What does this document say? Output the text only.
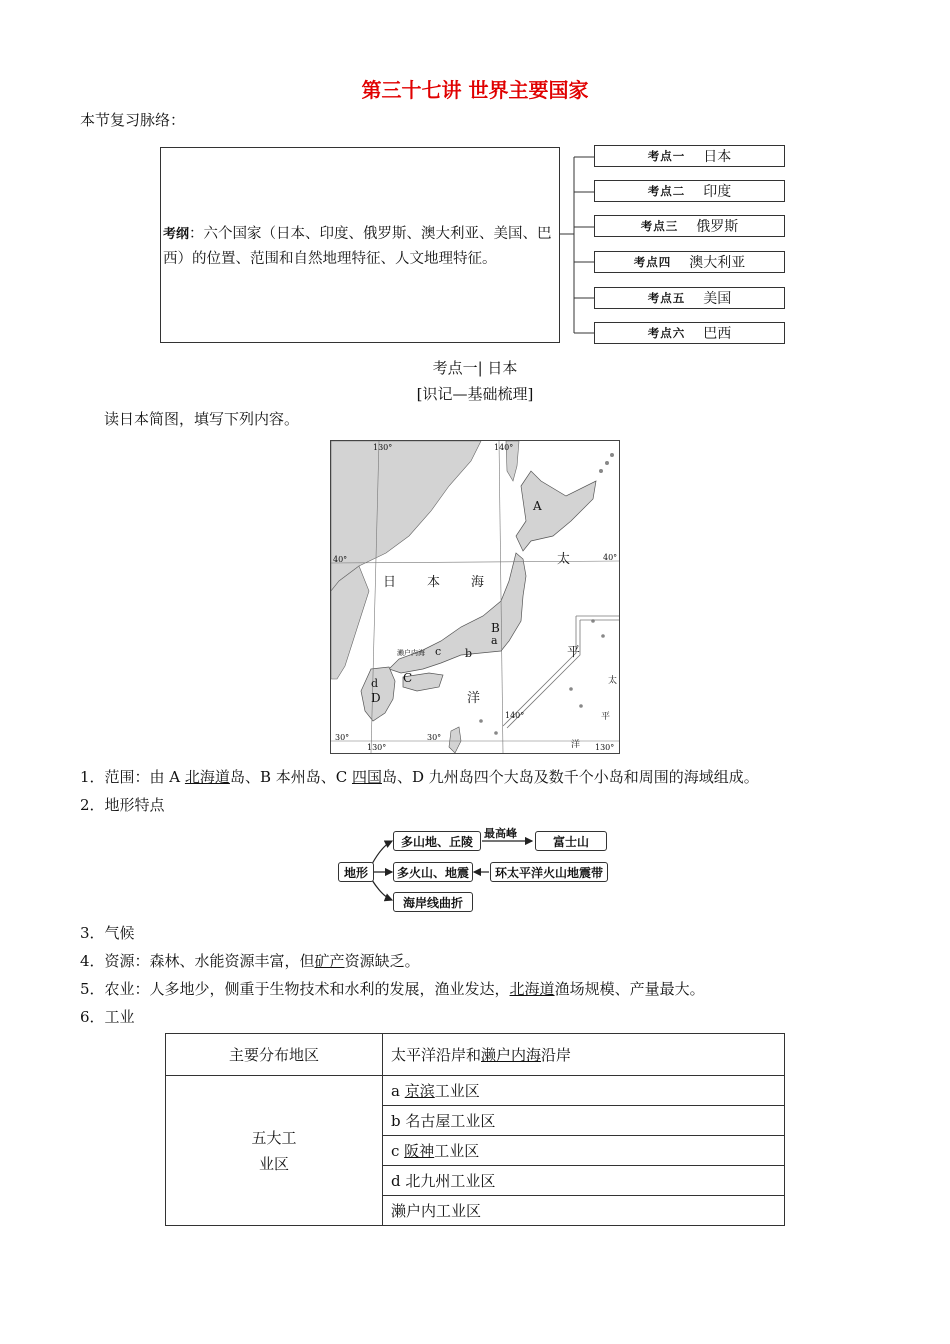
第三十七讲 世界主要国家
本节复习脉络：
考纲：六个国家（日本、印度、俄罗斯、澳大利亚、美国、巴西）的位置、范围和自然地理特征、人文地理特征。
考点一 日本
考点二 印度
考点三 俄罗斯
考点四 澳大利亚
考点五 美国
考点六 巴西
考点一| 日本
[识记—基础梳理]
读日本简图，填写下列内容。
130°	140°
40°	40°
30°	30°
130°
140°
130°
日 本 海
太
平
洋
太
平
洋
濑户内海
A
B
a
b
c
C
d
D
1．范围：由 A 北海道岛、B 本州岛、C 四国岛、D 九州岛四个大岛及数千个小岛和周围的海域组成。
2．地形特点
地形
多山地、丘陵
最高峰
富士山
多火山、地震	环太平洋火山地震带
海岸线曲折
3．气候
4．资源：森林、水能资源丰富，但矿产资源缺乏。
5．农业：人多地少，侧重于生物技术和水利的发展，渔业发达，北海道渔场规模、产量最大。
6．工业
主要分布地区	太平洋沿岸和濑户内海沿岸
五大工
业区	a 京滨工业区
	b 名古屋工业区
	c 阪神工业区
	d 北九州工业区
	濑户内工业区
